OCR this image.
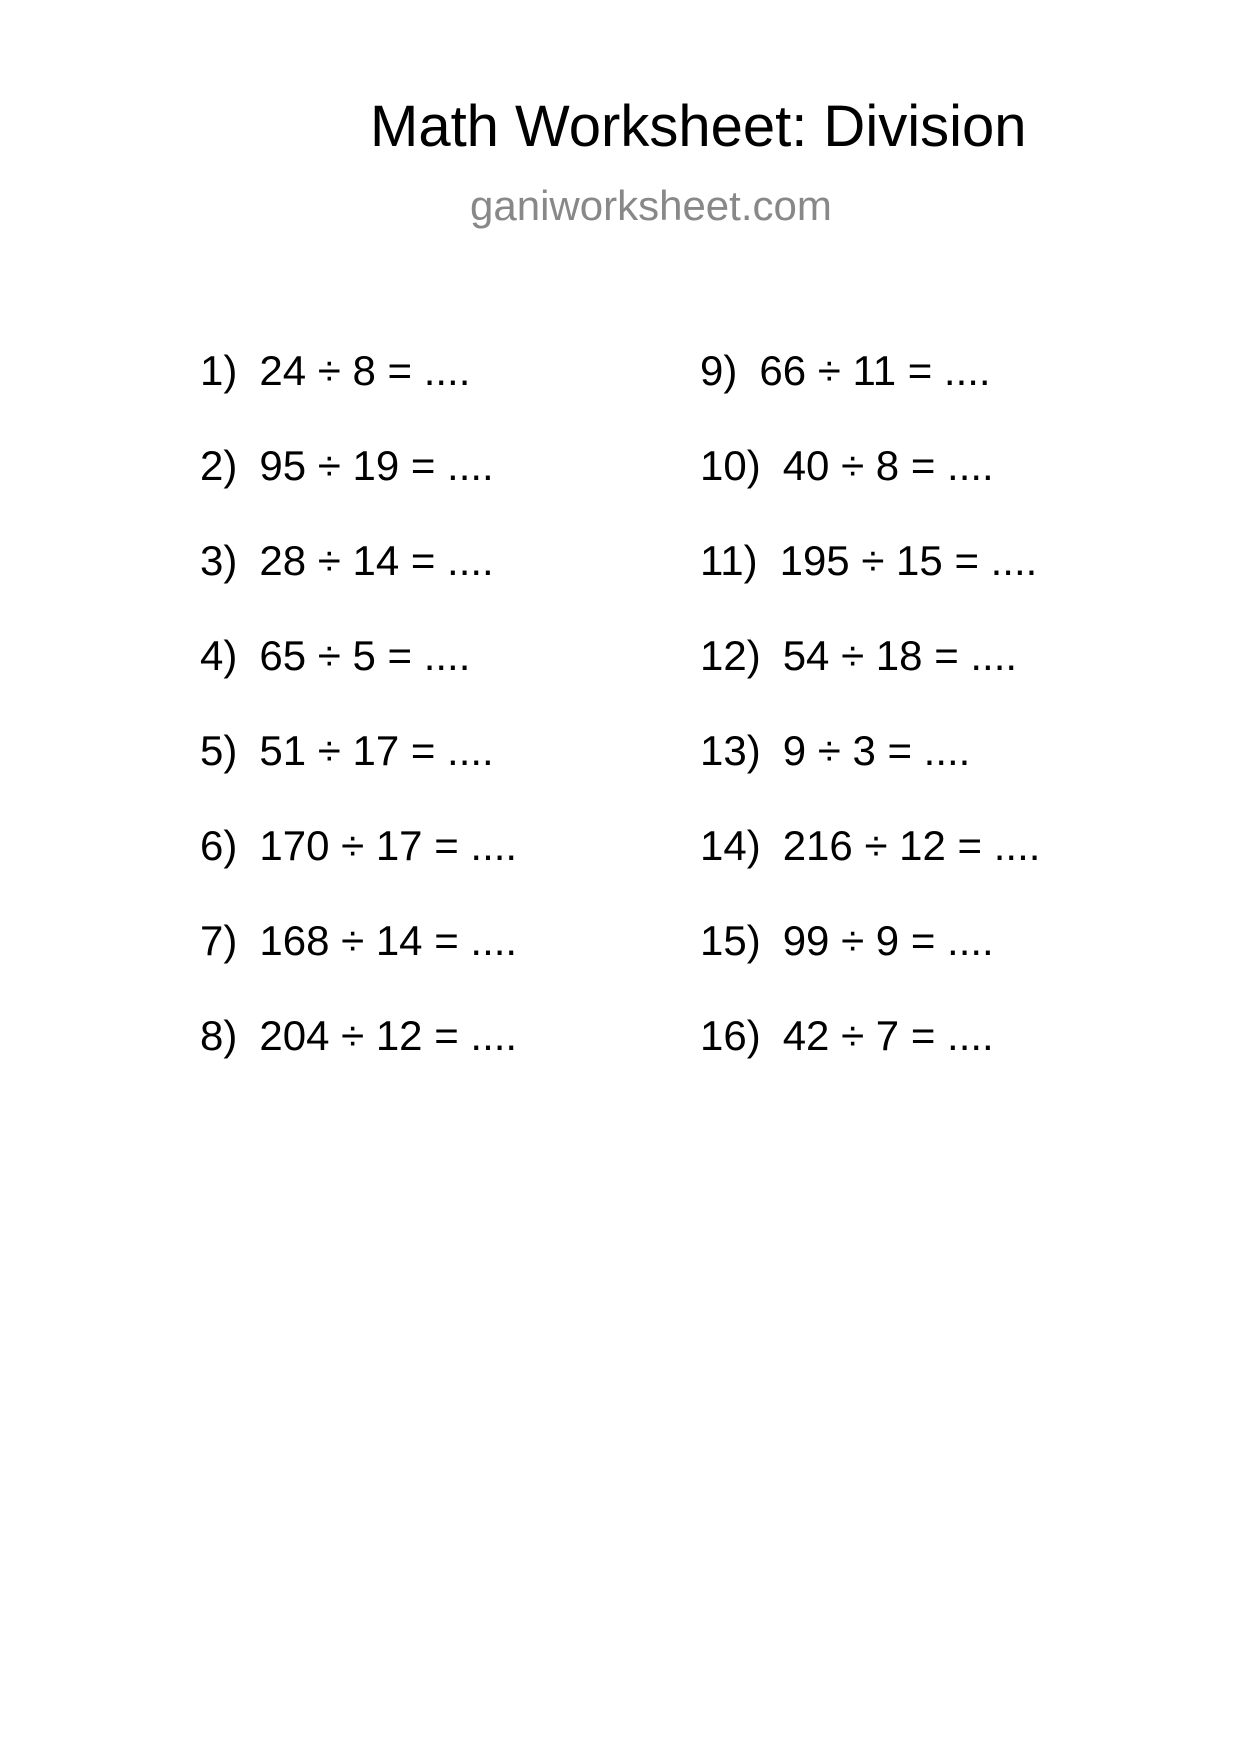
Math Worksheet: Division
ganiworksheet.com
1) 24 ÷ 8 = ....
2) 95 ÷ 19 = ....
3) 28 ÷ 14 = ....
4) 65 ÷ 5 = ....
5) 51 ÷ 17 = ....
6) 170 ÷ 17 = ....
7) 168 ÷ 14 = ....
8) 204 ÷ 12 = ....
9) 66 ÷ 11 = ....
10) 40 ÷ 8 = ....
11) 195 ÷ 15 = ....
12) 54 ÷ 18 = ....
13) 9 ÷ 3 = ....
14) 216 ÷ 12 = ....
15) 99 ÷ 9 = ....
16) 42 ÷ 7 = ....
